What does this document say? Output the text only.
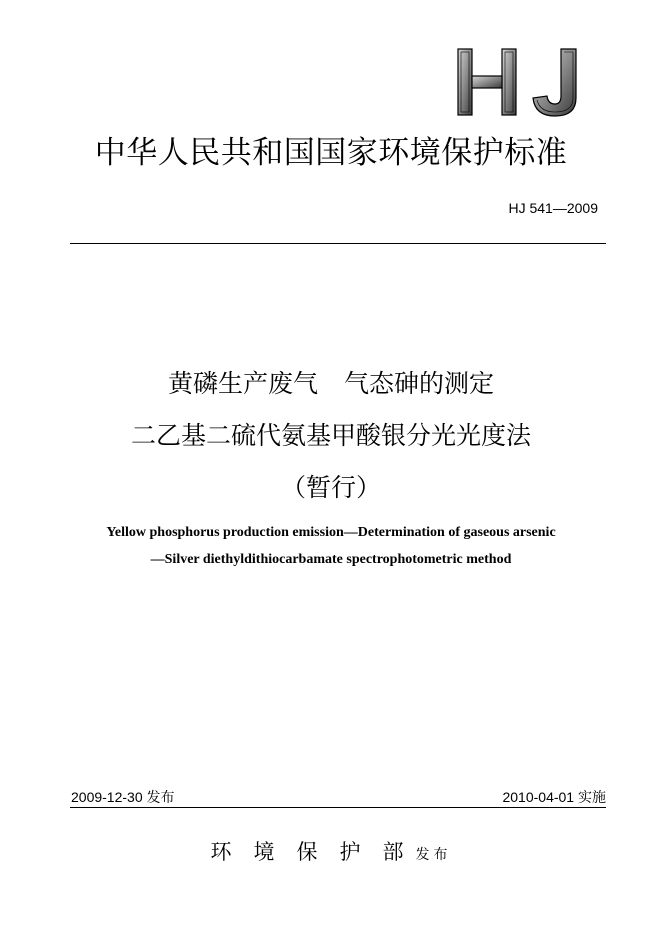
中华人民共和国国家环境保护标准
HJ 541—2009
黄磷生产废气 气态砷的测定
二乙基二硫代氨基甲酸银分光光度法
（暂行）
Yellow phosphorus production emission—Determination of gaseous arsenic
—Silver diethyldithiocarbamate spectrophotometric method
2009-12-30 发布	2010-04-01 实施
环境保护部发布
